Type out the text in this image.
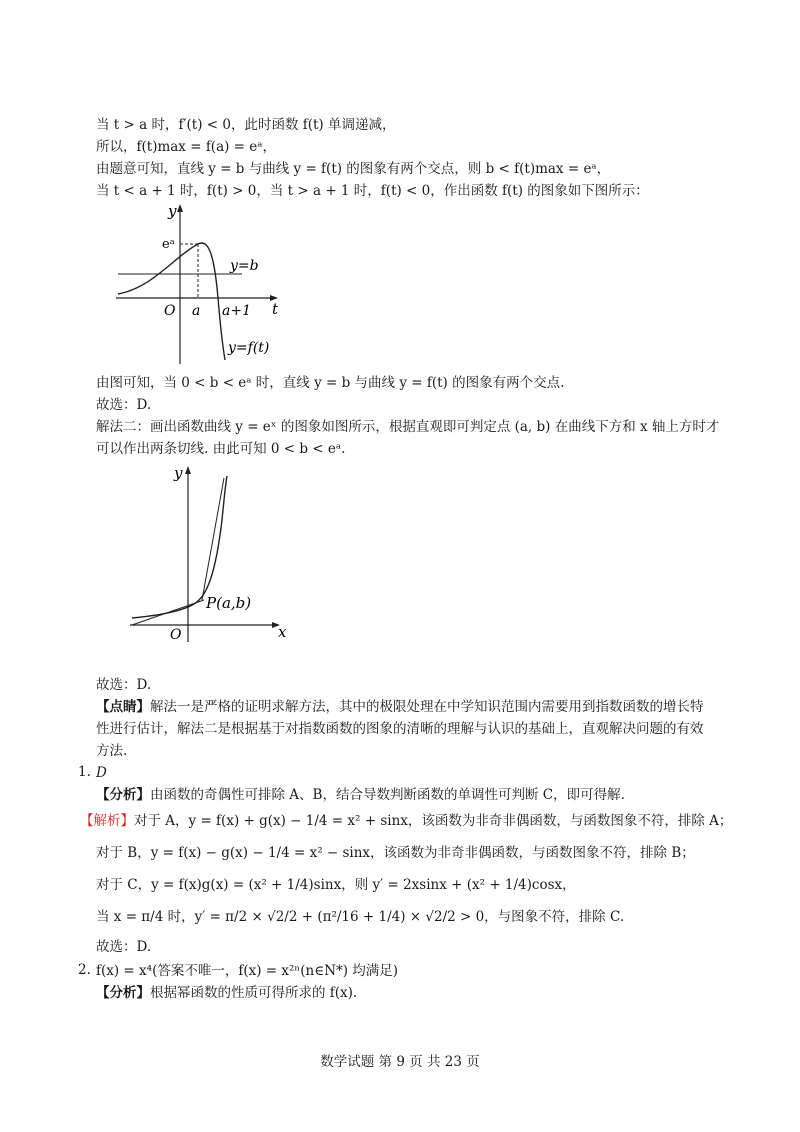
当 t > a 时，f′(t) < 0，此时函数 f(t) 单调递减，
所以，f(t)max = f(a) = eᵃ，
由题意可知，直线 y = b 与曲线 y = f(t) 的图象有两个交点，则 b < f(t)max = eᵃ，
当 t < a + 1 时，f(t) > 0，当 t > a + 1 时，f(t) < 0，作出函数 f(t) 的图象如下图所示：
y
t
O
eᵃ
a a+1
y=b
y=f(t)
由图可知，当 0 < b < eᵃ 时，直线 y = b 与曲线 y = f(t) 的图象有两个交点.
故选：D.
解法二：画出函数曲线 y = eˣ 的图象如图所示，根据直观即可判定点 (a, b) 在曲线下方和 x 轴上方时才
可以作出两条切线. 由此可知 0 < b < eᵃ.
y
x
O
P(a,b)
故选：D.
【点睛】解法一是严格的证明求解方法，其中的极限处理在中学知识范围内需要用到指数函数的增长特
性进行估计，解法二是根据基于对指数函数的图象的清晰的理解与认识的基础上，直观解决问题的有效
方法.
1. D
【分析】由函数的奇偶性可排除 A、B，结合导数判断函数的单调性可判断 C，即可得解.
【解析】对于 A，y = f(x) + g(x) − 1/4 = x² + sinx，该函数为非奇非偶函数，与函数图象不符，排除 A；
对于 B，y = f(x) − g(x) − 1/4 = x² − sinx，该函数为非奇非偶函数，与函数图象不符，排除 B；
对于 C，y = f(x)g(x) = (x² + 1/4)sinx，则 y′ = 2xsinx + (x² + 1/4)cosx，
当 x = π/4 时，y′ = π/2 × √2/2 + (π²/16 + 1/4) × √2/2 > 0，与图象不符，排除 C.
故选：D.
2. f(x) = x⁴(答案不唯一，f(x) = x²ⁿ(n∈N*) 均满足)
【分析】根据幂函数的性质可得所求的 f(x).
数学试题 第 9 页 共 23 页
